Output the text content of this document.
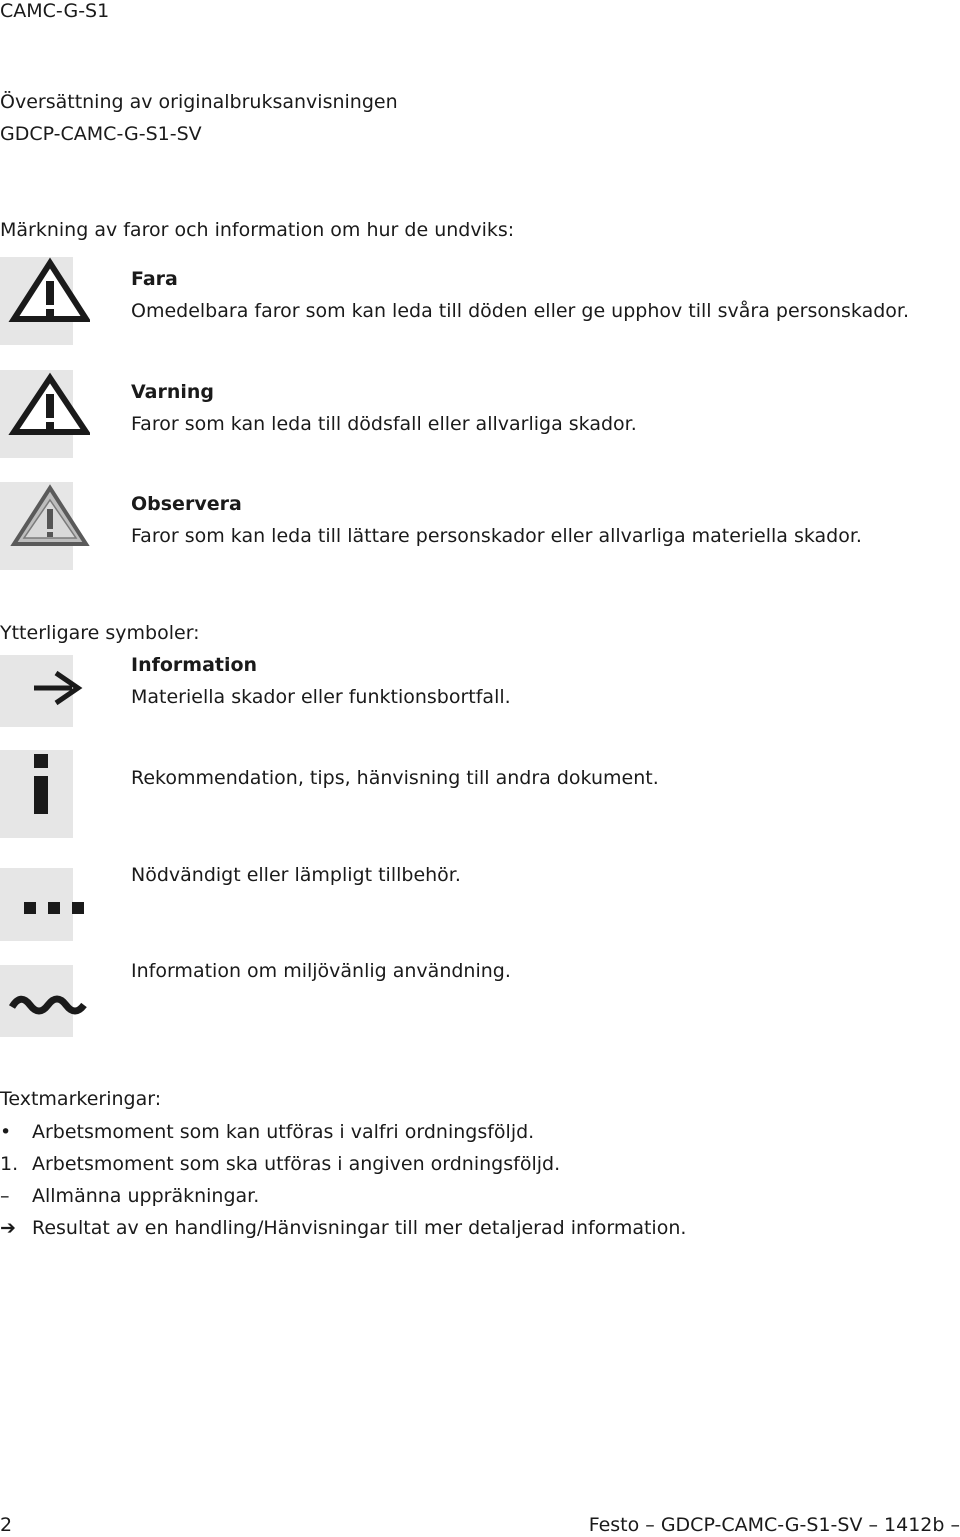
CAMC-G-S1
Översättning av originalbruksanvisningen
GDCP-CAMC-G-S1-SV
Märkning av faror och information om hur de undviks:
Fara
Omedelbara faror som kan leda till döden eller ge upphov till svåra personskador.
Varning
Faror som kan leda till dödsfall eller allvarliga skador.
Observera
Faror som kan leda till lättare personskador eller allvarliga materiella skador.
Ytterligare symboler:
Information
Materiella skador eller funktionsbortfall.
Rekommendation, tips, hänvisning till andra dokument.
Nödvändigt eller lämpligt tillbehör.
Information om miljövänlig användning.
Textmarkeringar:
•	Arbetsmoment som kan utföras i valfri ordningsföljd.
1. Arbetsmoment som ska utföras i angiven ordningsföljd.
–	Allmänna uppräkningar.
➔ Resultat av en handling/Hänvisningar till mer detaljerad information.
2	Festo – GDCP-CAMC-G-S1-SV – 1412b –
